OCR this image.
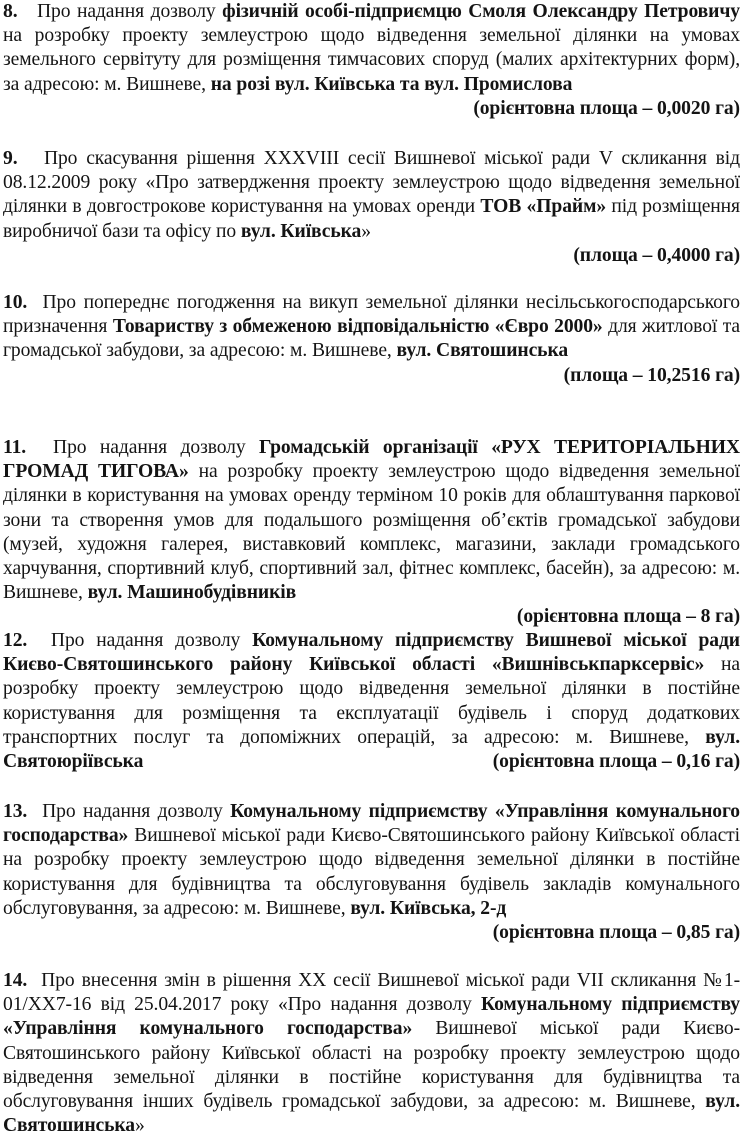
8. Про надання дозволу фізичній особі-підприємцю Смоля Олександру Петровичу на розробку проекту землеустрою щодо відведення земельної ділянки на умовах земельного сервітуту для розміщення тимчасових споруд (малих архітектурних форм), за адресою: м. Вишневе, на розі вул. Київська та вул. Промислова
(орієнтовна площа – 0,0020 га)

9. Про скасування рішення XXXVIII сесії Вишневої міської ради V скликання від 08.12.2009 року «Про затвердження проекту землеустрою щодо відведення земельної ділянки в довгострокове користування на умовах оренди ТОВ «Прайм» під розміщення виробничої бази та офісу по вул. Київська»

(площа – 0,4000 га)

10. Про попереднє погодження на викуп земельної ділянки несільськогосподарського призначення Товариству з обмеженою відповідальністю «Євро 2000» для житлової та громадської забудови, за адресою: м. Вишневе, вул. Святошинська
(площа – 10,2516 га)

11. Про надання дозволу Громадській організації «РУХ ТЕРИТОРІАЛЬНИХ ГРОМАД ТИГОВА» на розробку проекту землеустрою щодо відведення земельної ділянки в користування на умовах оренду терміном 10 років для облаштування паркової зони та створення умов для подальшого розміщення об’єктів громадської забудови (музей, художня галерея, виставковий комплекс, магазини, заклади громадського харчування, спортивний клуб, спортивний зал, фітнес комплекс, басейн), за адресою: м. Вишневе, вул. Машинобудівників

(орієнтовна площа – 8 га)

12. Про надання дозволу Комунальному підприємству Вишневої міської ради Києво-Святошинського району Київської області «Вишнівськпарксервіс» на розробку проекту землеустрою щодо відведення земельної ділянки в постійне користування для розміщення та експлуатації будівель і споруд додаткових транспортних послуг та допоміжних операцій, за адресою: м. Вишневе, вул. Святоюріївська	(орієнтовна площа – 0,16 га)

13. Про надання дозволу Комунальному підприємству «Управління комунального господарства» Вишневої міської ради Києво-Святошинського району Київської області на розробку проекту землеустрою щодо відведення земельної ділянки в постійне користування для будівництва та обслуговування будівель закладів комунального обслуговування, за адресою: м. Вишневе, вул. Київська, 2-д
(орієнтовна площа – 0,85 га)

14. Про внесення змін в рішення XX сесії Вишневої міської ради VII скликання №1-01/XX7-16 від 25.04.2017 року «Про надання дозволу Комунальному підприємству «Управління комунального господарства» Вишневої міської ради Києво-Святошинського району Київської області на розробку проекту землеустрою щодо відведення земельної ділянки в постійне користування для будівництва та обслуговування інших будівель громадської забудови, за адресою: м. Вишневе, вул. Святошинська»
